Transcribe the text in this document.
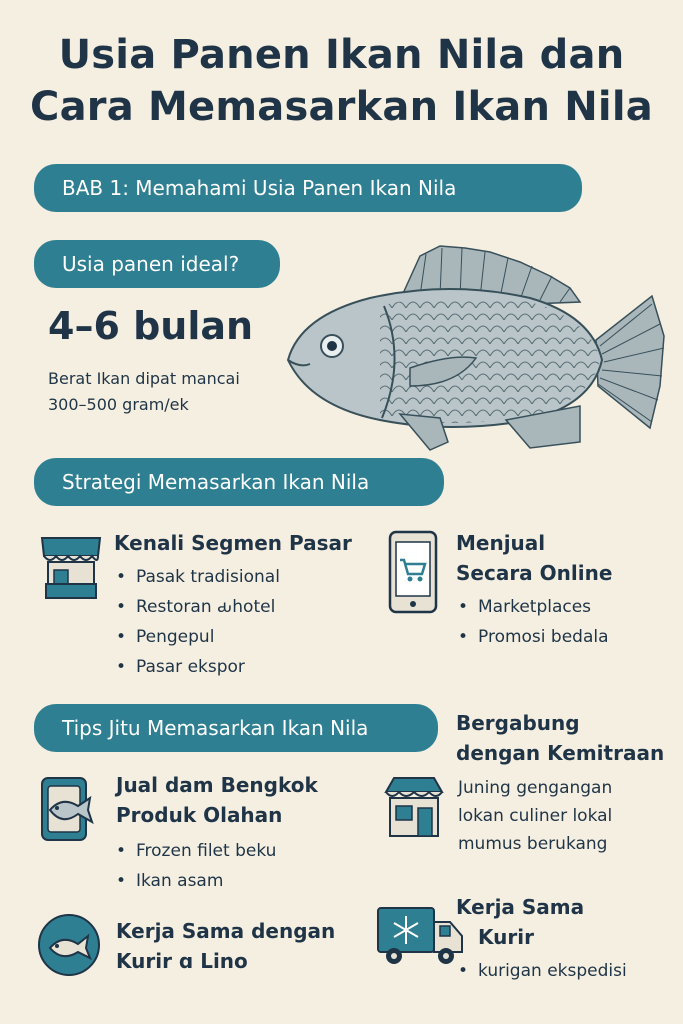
Usia Panen Ikan Nila dan
Cara Memasarkan Ikan Nila
BAB 1: Memahami Usia Panen Ikan Nila
Usia panen ideal?
4–6 bulan
Berat Ikan dipat mancai
300–500 gram/ek
Strategi Memasarkan Ikan Nila
Kenali Segmen Pasar
• Pasak tradisional
• Restoran ԃhotel
• Pengepul
• Pasar ekspor
Menjual
Secara Online
• Marketplaces
• Promosi bedala
Tips Jitu Memasarkan Ikan Nila	Bergabung
dengan Kemitraan
Juning gengangan
lokan culiner lokal
mumus berukang
Jual dam Bengkok
Produk Olahan
• Frozen filet beku
• Ikan asam
Kerja Sama dengan
Kurir ɑ Lino
Kerja Sama
Kurir
• kurigan ekspedisi
